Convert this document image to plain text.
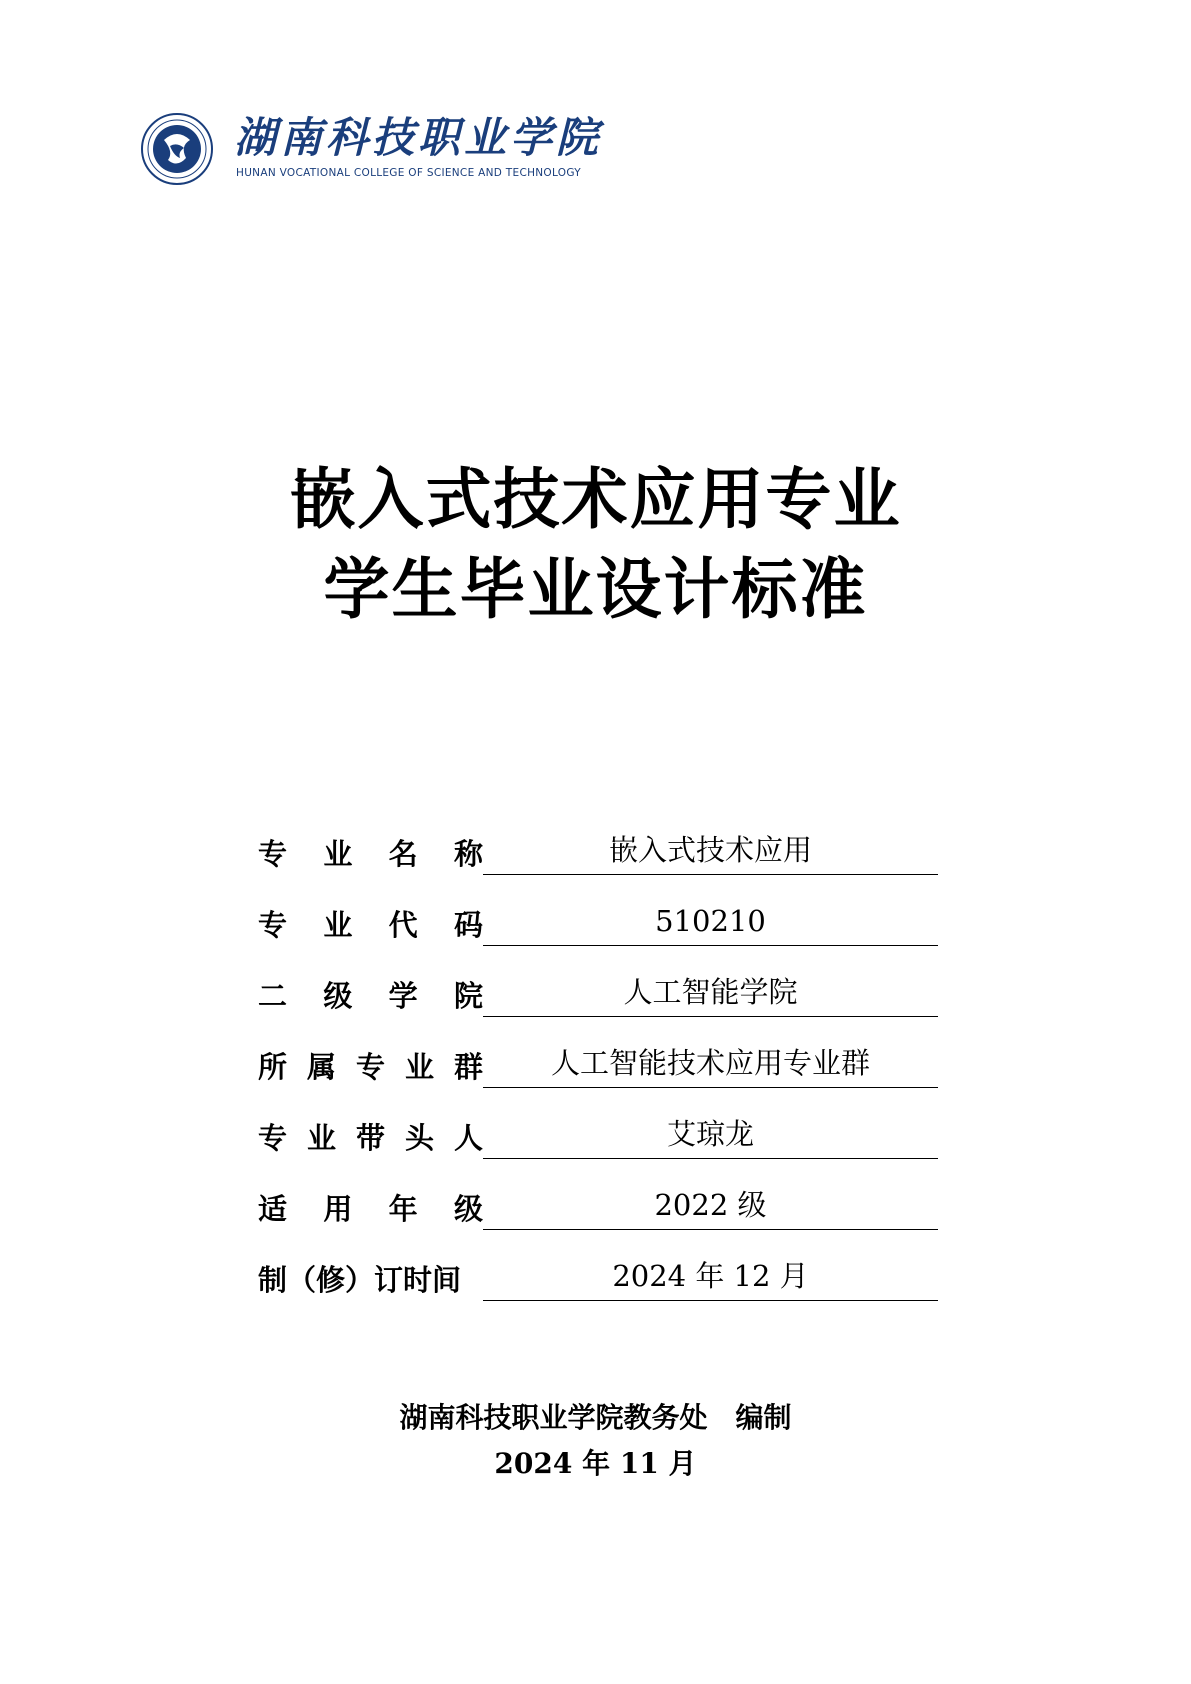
湖南科技职业学院
HUNAN VOCATIONAL COLLEGE OF SCIENCE AND TECHNOLOGY
嵌入式技术应用专业
学生毕业设计标准
专 业 名 称	嵌入式技术应用
专 业 代 码	510210
二 级 学 院	人工智能学院
所 属 专 业 群	人工智能技术应用专业群
专 业 带 头 人	艾琼龙
适 用 年 级	2022 级
制（修）订时间	2024 年 12 月
湖南科技职业学院教务处　编制
2024 年 11 月
